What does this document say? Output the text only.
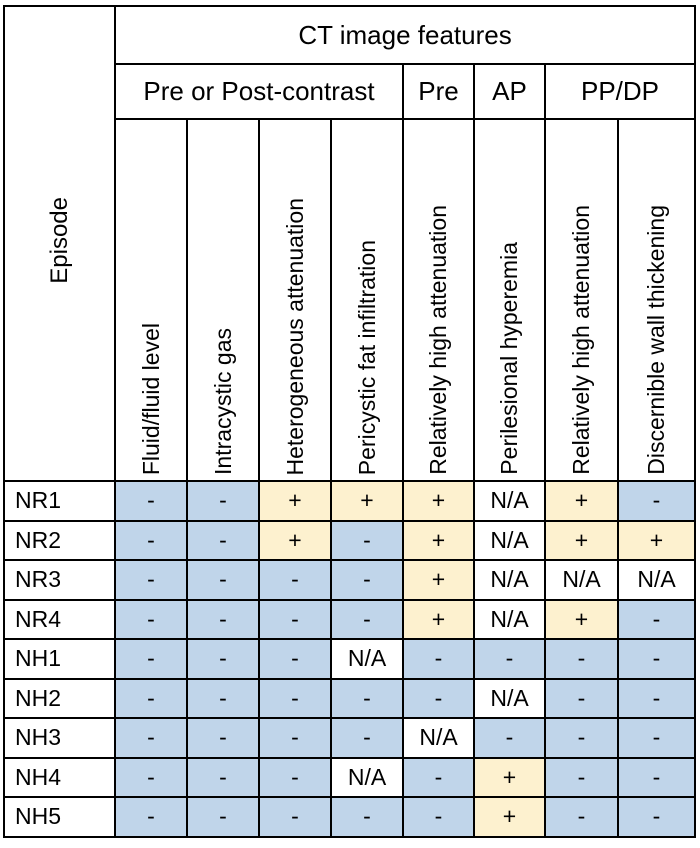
Episode	CT image features							
	Pre or Post-contrast				Pre	AP	PP/DP	
	Fluid/fluid level	Intracystic gas	Heterogeneous attenuation	Pericystic fat infiltration	Relatively high attenuation	Perilesional hyperemia	Relatively high attenuation	Discernible wall thickening
NR1	-	-	+	+	+	N/A	+	-
NR2	-	-	+	-	+	N/A	+	+
NR3	-	-	-	-	+	N/A	N/A	N/A
NR4	-	-	-	-	+	N/A	+	-
NH1	-	-	-	N/A	-	-	-	-
NH2	-	-	-	-	-	N/A	-	-
NH3	-	-	-	-	N/A	-	-	-
NH4	-	-	-	N/A	-	+	-	-
NH5	-	-	-	-	-	+	-	-
